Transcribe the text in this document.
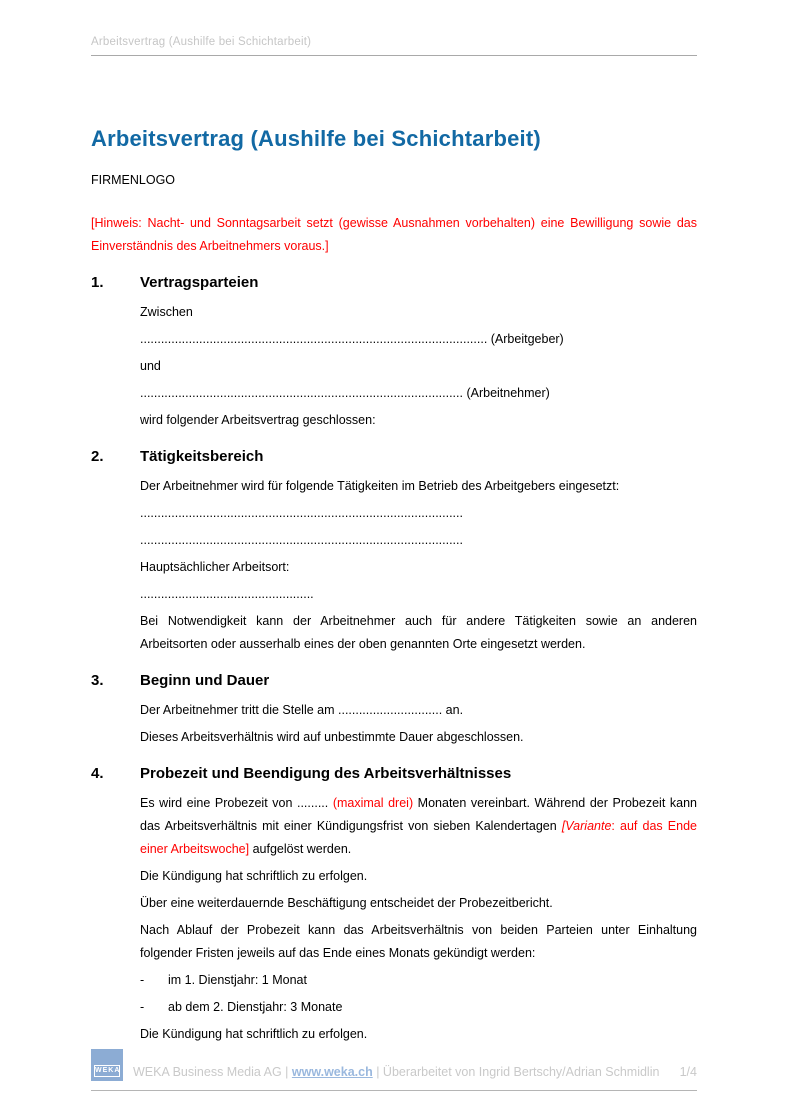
Arbeitsvertrag (Aushilfe bei Schichtarbeit)
Arbeitsvertrag (Aushilfe bei Schichtarbeit)

FIRMENLOGO

[Hinweis: Nacht- und Sonntagsarbeit setzt (gewisse Ausnahmen vorbehalten) eine Bewilligung sowie das Einverständnis des Arbeitnehmers voraus.]

1.	Vertragsparteien

Zwischen

.................................................................................................... (Arbeitgeber)

und

............................................................................................. (Arbeitnehmer)

wird folgender Arbeitsvertrag geschlossen:

2.	Tätigkeitsbereich

Der Arbeitnehmer wird für folgende Tätigkeiten im Betrieb des Arbeitgebers eingesetzt:

.............................................................................................

.............................................................................................

Hauptsächlicher Arbeitsort:

..................................................

Bei Notwendigkeit kann der Arbeitnehmer auch für andere Tätigkeiten sowie an anderen Arbeitsorten oder ausserhalb eines der oben genannten Orte eingesetzt werden.

3.	Beginn und Dauer

Der Arbeitnehmer tritt die Stelle am .............................. an.

Dieses Arbeitsverhältnis wird auf unbestimmte Dauer abgeschlossen.

4.	Probezeit und Beendigung des Arbeitsverhältnisses

Es wird eine Probezeit von ......... (maximal drei) Monaten vereinbart. Während der Probezeit kann das Arbeitsverhältnis mit einer Kündigungsfrist von sieben Kalendertagen [Variante: auf das Ende einer Arbeitswoche] aufgelöst werden.

Die Kündigung hat schriftlich zu erfolgen.

Über eine weiterdauernde Beschäftigung entscheidet der Probezeitbericht.

Nach Ablauf der Probezeit kann das Arbeitsverhältnis von beiden Parteien unter Einhaltung folgender Fristen jeweils auf das Ende eines Monats gekündigt werden:

-	im 1. Dienstjahr: 1 Monat

-	ab dem 2. Dienstjahr: 3 Monate

Die Kündigung hat schriftlich zu erfolgen.

WEKA WEKA Business Media AG | www.weka.ch | Überarbeitet von Ingrid Bertschy/Adrian Schmidlin	1/4
